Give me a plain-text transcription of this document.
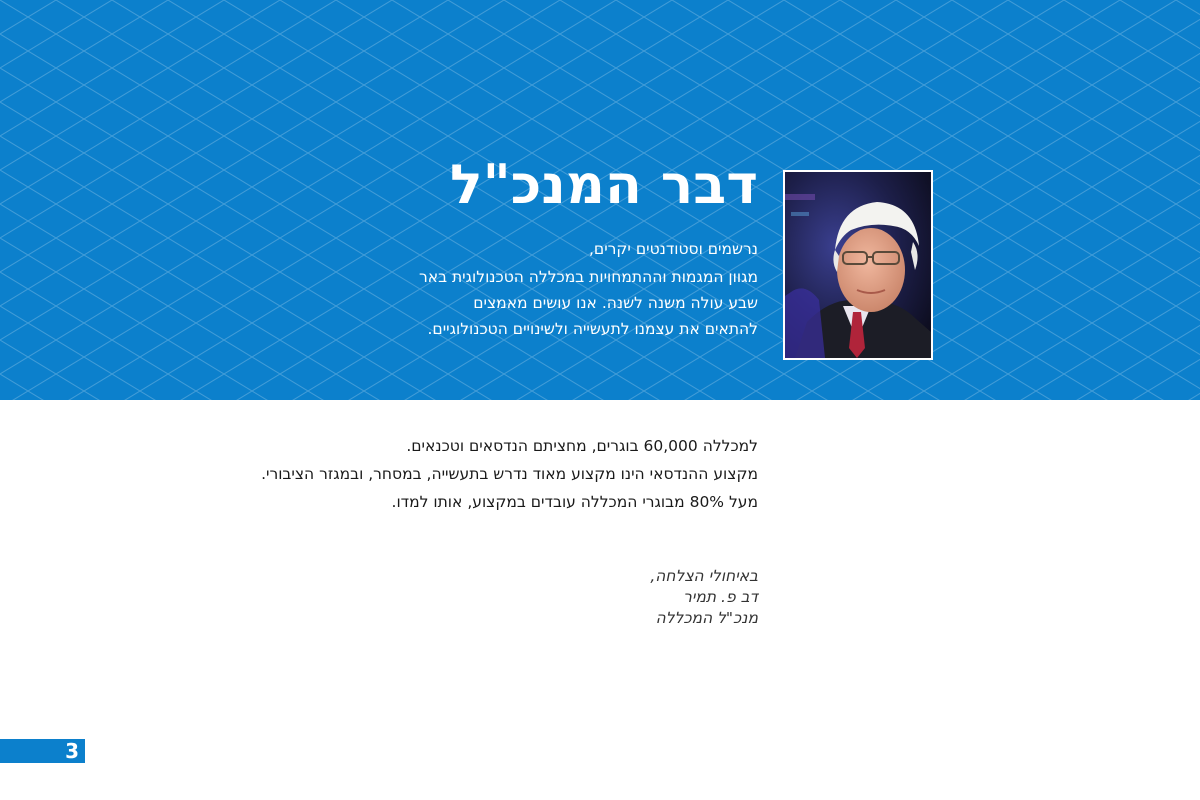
דבר המנכ"ל

נרשמים וסטודנטים יקרים,

מגוון המגמות וההתמחויות במכללה הטכנולוגית באר שבע עולה משנה לשנה. אנו עושים מאמצים להתאים את עצמנו לתעשייה ולשינויים הטכנולוגיים.

למכללה 60,000 בוגרים, מחציתם הנדסאים וטכנאים.

מקצוע ההנדסאי הינו מקצוע מאוד נדרש בתעשייה, במסחר, ובמגזר הציבורי.

מעל 80% מבוגרי המכללה עובדים במקצוע, אותו למדו.

באיחולי הצלחה,

דב פ. תמיר

מנכ"ל המכללה

3
